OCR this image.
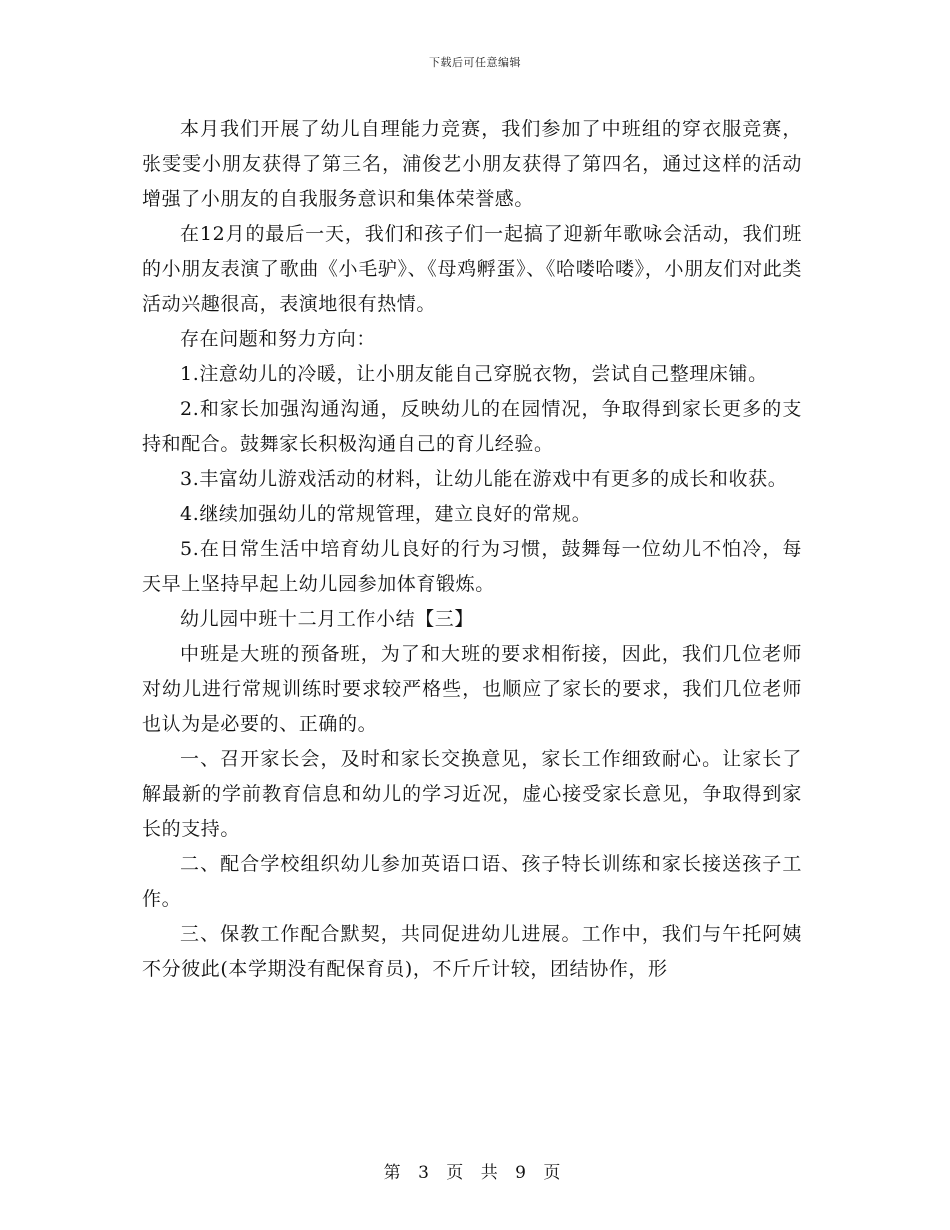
下载后可任意编辑

本月我们开展了幼儿自理能力竞赛，我们参加了中班组的穿衣服竞赛，张雯雯小朋友获得了第三名，浦俊艺小朋友获得了第四名，通过这样的活动增强了小朋友的自我服务意识和集体荣誉感。

在12月的最后一天，我们和孩子们一起搞了迎新年歌咏会活动，我们班的小朋友表演了歌曲《小毛驴》、《母鸡孵蛋》、《哈喽哈喽》，小朋友们对此类活动兴趣很高，表演地很有热情。

存在问题和努力方向：

1.注意幼儿的冷暖，让小朋友能自己穿脱衣物，尝试自己整理床铺。

2.和家长加强沟通沟通，反映幼儿的在园情况，争取得到家长更多的支持和配合。鼓舞家长积极沟通自己的育儿经验。

3.丰富幼儿游戏活动的材料，让幼儿能在游戏中有更多的成长和收获。

4.继续加强幼儿的常规管理，建立良好的常规。

5.在日常生活中培育幼儿良好的行为习惯，鼓舞每一位幼儿不怕冷，每天早上坚持早起上幼儿园参加体育锻炼。

幼儿园中班十二月工作小结【三】

中班是大班的预备班，为了和大班的要求相衔接，因此，我们几位老师对幼儿进行常规训练时要求较严格些，也顺应了家长的要求，我们几位老师也认为是必要的、正确的。

一、召开家长会，及时和家长交换意见，家长工作细致耐心。让家长了解最新的学前教育信息和幼儿的学习近况，虚心接受家长意见，争取得到家长的支持。

二、配合学校组织幼儿参加英语口语、孩子特长训练和家长接送孩子工作。

三、保教工作配合默契，共同促进幼儿进展。工作中，我们与午托阿姨不分彼此(本学期没有配保育员)，不斤斤计较，团结协作，形

第 3 页 共 9 页
